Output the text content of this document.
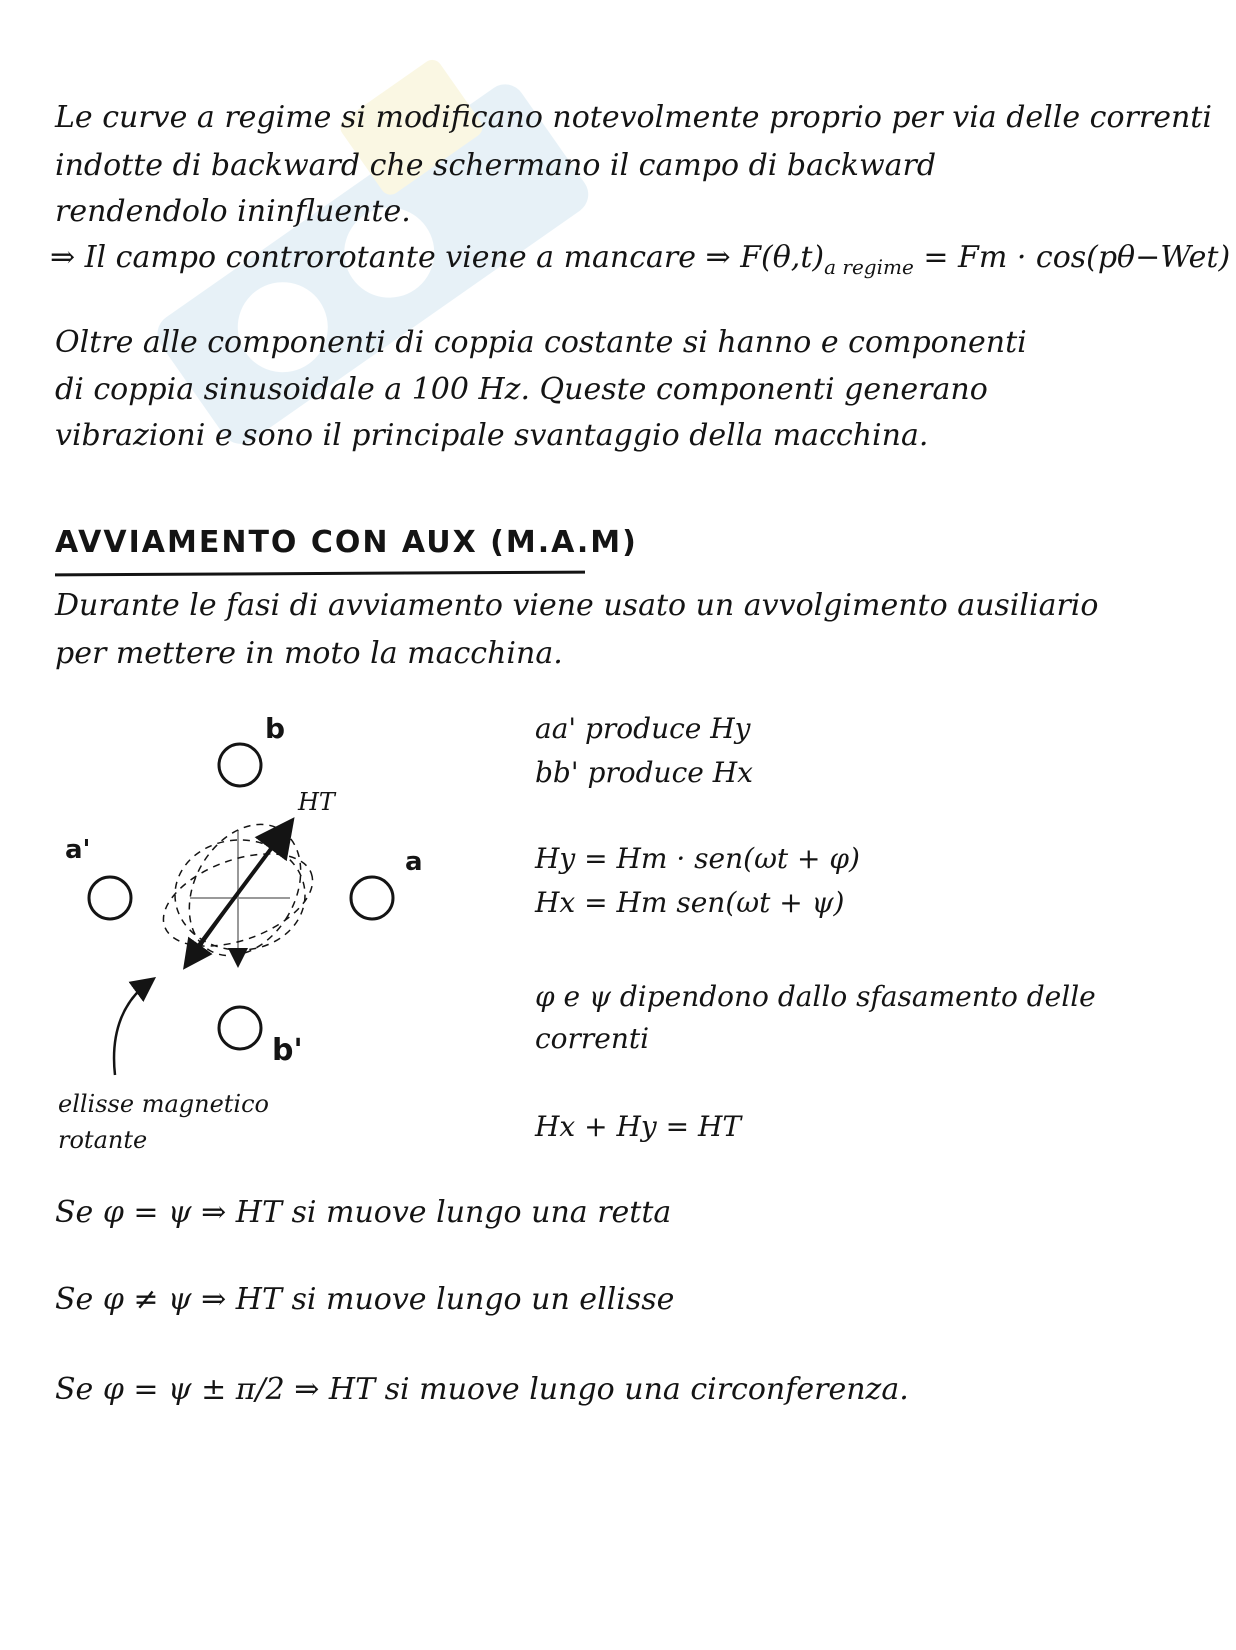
Le curve a regime si modificano notevolmente proprio per via delle correnti
indotte di backward che schermano il campo di backward
rendendolo ininfluente.
⇒ Il campo controrotante viene a mancare ⇒ $F(\theta,t)_{a regime} = Fm \cdot \cos(p\theta-Wet)$
Oltre alle componenti di coppia costante si hanno e componenti
di coppia sinusoidale a 100 Hz. Queste componenti generano
vibrazioni e sono il principale svantaggio della macchina.
AVVIAMENTO CON AUX (M.A.M)
Durante le fasi di avviamento viene usato un avvolgimento ausiliario
per mettere in moto la macchina.
b
a'	a
b'
HT
ellisse magnetico
rotante
aa' produce Hy
bb' produce Hx
Hy = Hm · sen(ωt + φ)
Hx = Hm sen(ωt + ψ)
φ e ψ dipendono dallo sfasamento delle
correnti
Hx + Hy = HT
Se φ = ψ ⇒ HT si muove lungo una retta
Se φ ≠ ψ ⇒ HT si muove lungo un ellisse
Se φ = ψ ± π/2 ⇒ HT si muove lungo una circonferenza.
